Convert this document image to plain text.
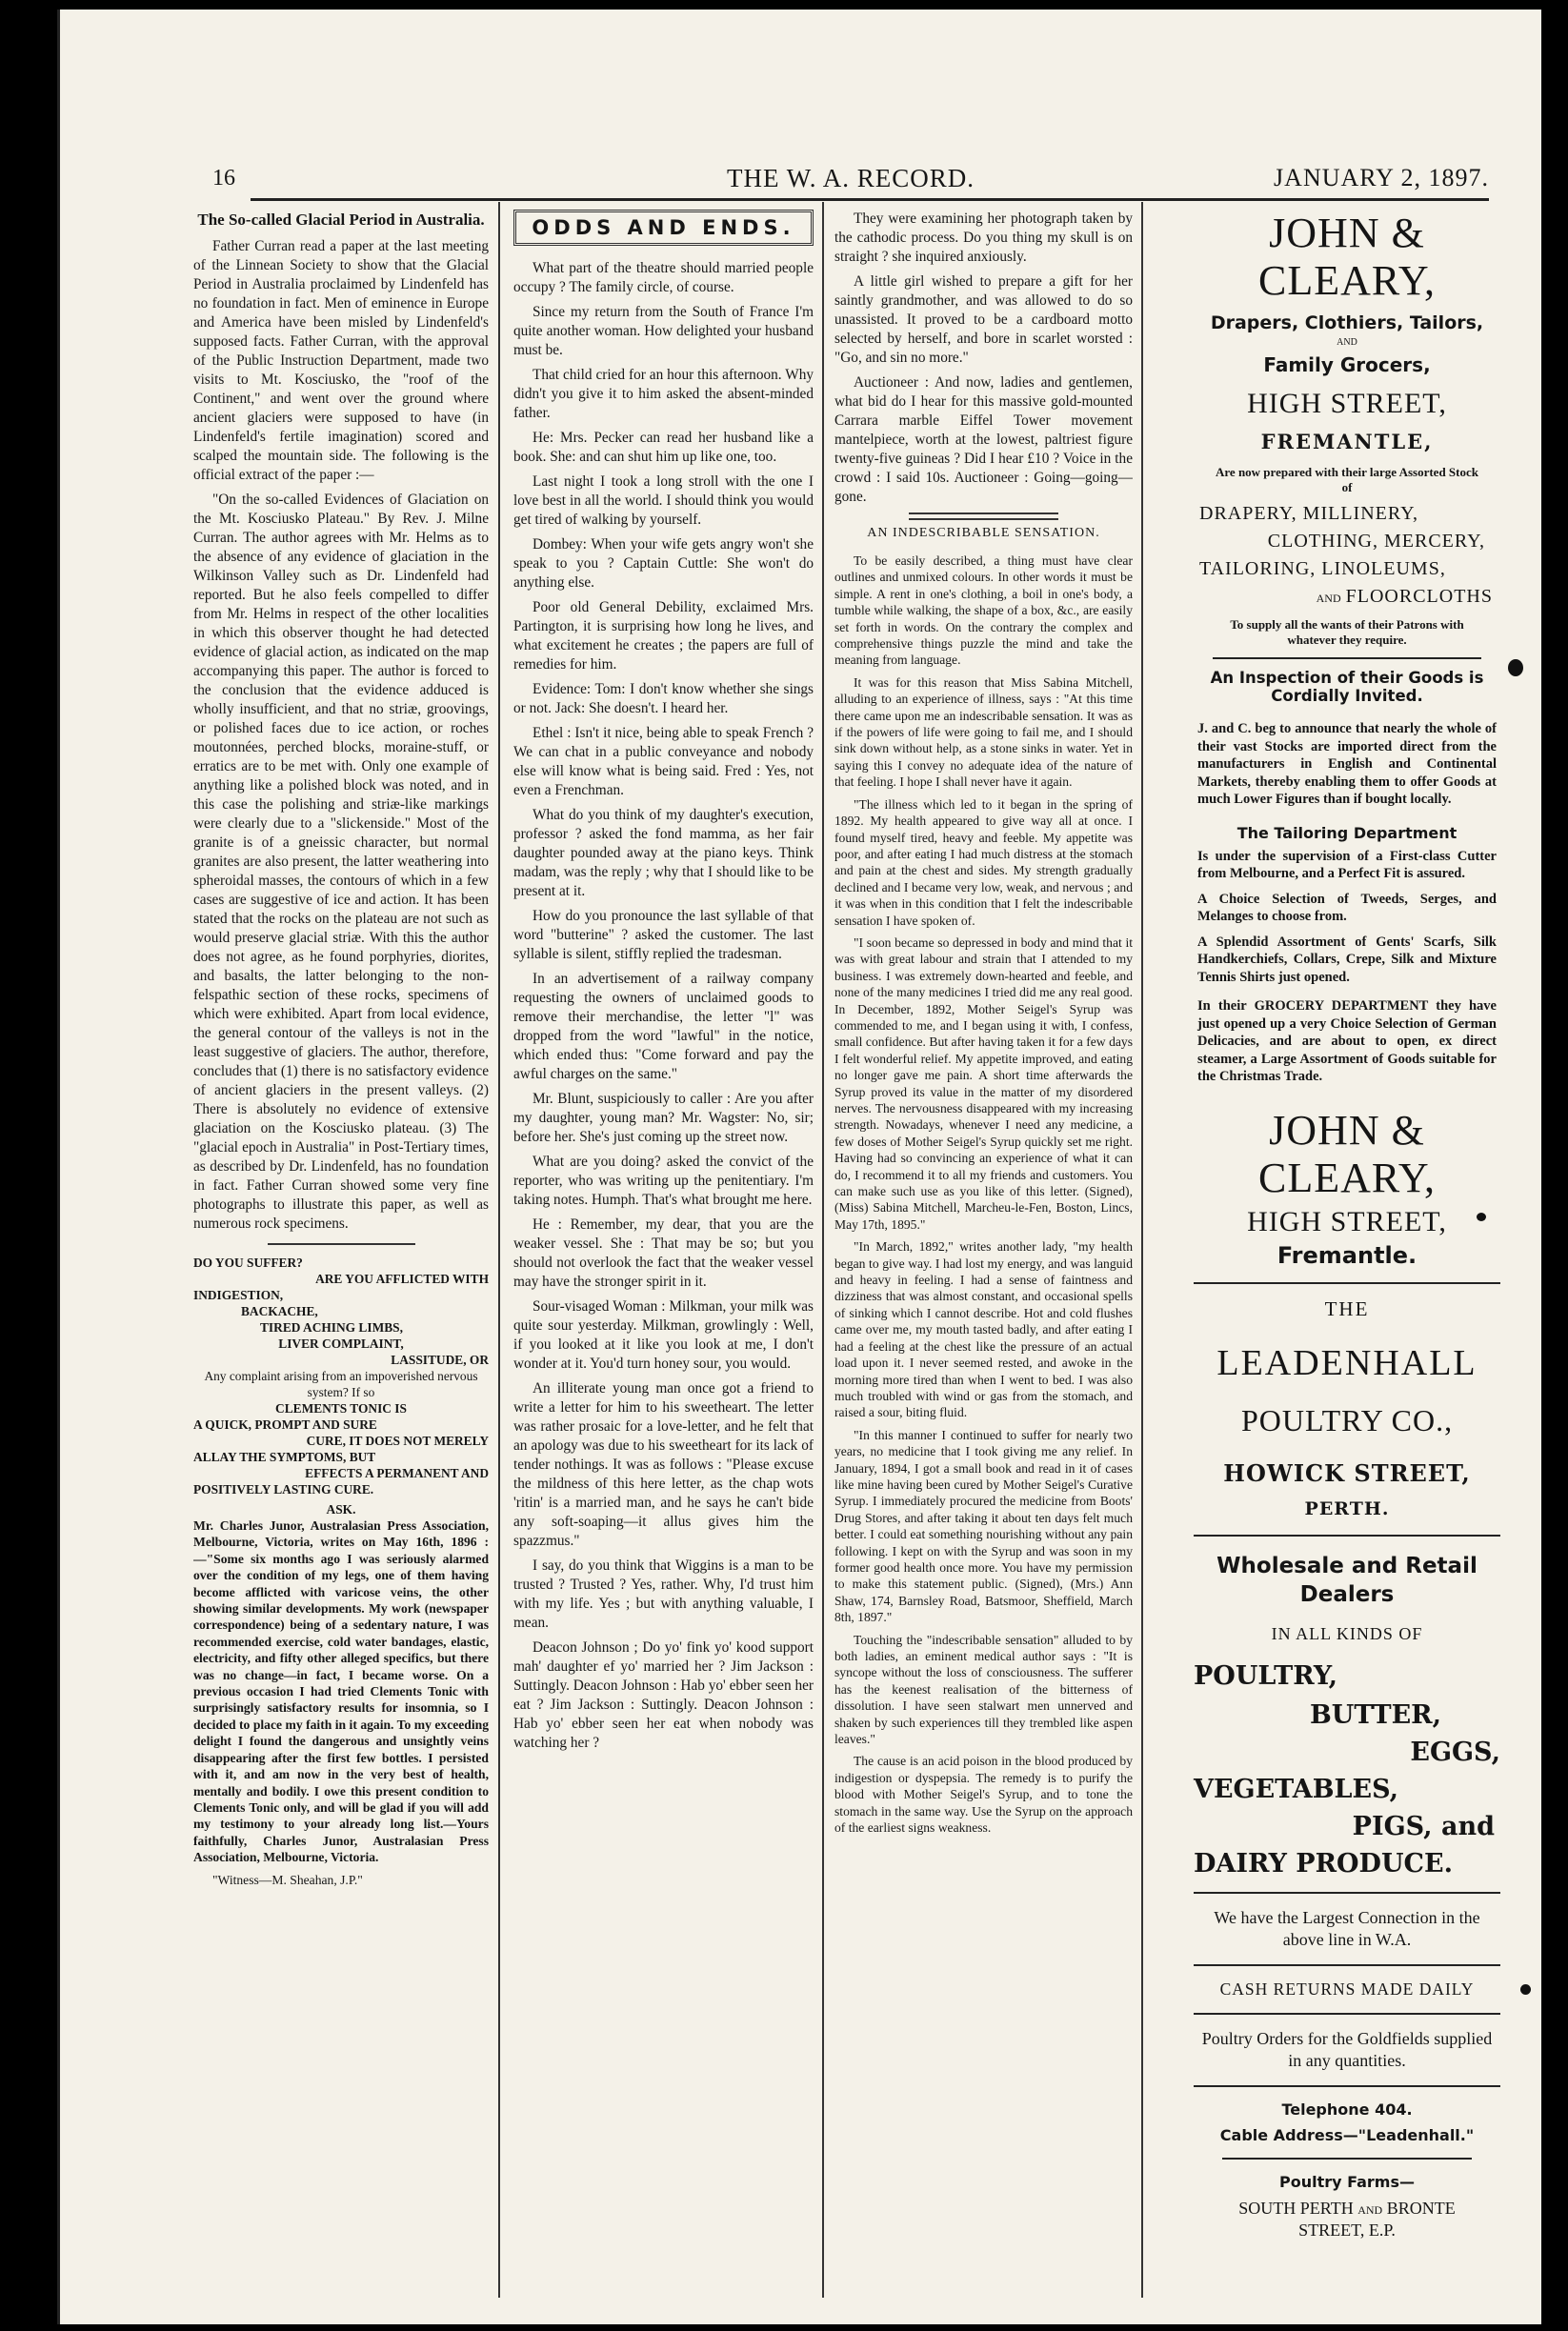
16	THE W. A. RECORD.	JANUARY 2, 1897.
The So-called Glacial Period in Australia.

Father Curran read a paper at the last meeting of the Linnean Society to show that the Glacial Period in Australia proclaimed by Lindenfeld has no foundation in fact. Men of eminence in Europe and America have been misled by Lindenfeld's supposed facts. Father Curran, with the approval of the Public Instruction Department, made two visits to Mt. Kosciusko, the "roof of the Continent," and went over the ground where ancient glaciers were supposed to have (in Lindenfeld's fertile imagination) scored and scalped the mountain side. The following is the official extract of the paper :—

"On the so-called Evidences of Glaciation on the Mt. Kosciusko Plateau." By Rev. J. Milne Curran. The author agrees with Mr. Helms as to the absence of any evidence of glaciation in the Wilkinson Valley such as Dr. Lindenfeld had reported. But he also feels compelled to differ from Mr. Helms in respect of the other localities in which this observer thought he had detected evidence of glacial action, as indicated on the map accompanying this paper. The author is forced to the conclusion that the evidence adduced is wholly insufficient, and that no striæ, groovings, or polished faces due to ice action, or roches moutonnées, perched blocks, moraine-stuff, or erratics are to be met with. Only one example of anything like a polished block was noted, and in this case the polishing and striæ-like markings were clearly due to a "slickenside." Most of the granite is of a gneissic character, but normal granites are also present, the latter weathering into spheroidal masses, the contours of which in a few cases are suggestive of ice and action. It has been stated that the rocks on the plateau are not such as would preserve glacial striæ. With this the author does not agree, as he found porphyries, diorites, and basalts, the latter belonging to the non-felspathic section of these rocks, specimens of which were exhibited. Apart from local evidence, the general contour of the valleys is not in the least suggestive of glaciers. The author, therefore, concludes that (1) there is no satisfactory evidence of ancient glaciers in the present valleys. (2) There is absolutely no evidence of extensive glaciation on the Kosciusko plateau. (3) The "glacial epoch in Australia" in Post-Tertiary times, as described by Dr. Lindenfeld, has no foundation in fact. Father Curran showed some very fine photographs to illustrate this paper, as well as numerous rock specimens.

DO YOU SUFFER?
ARE YOU AFFLICTED WITH
INDIGESTION,
BACKACHE,
TIRED ACHING LIMBS,
LIVER COMPLAINT,
LASSITUDE, OR
Any complaint arising from an impoverished nervous system? If so
CLEMENTS TONIC IS
A QUICK, PROMPT AND SURE
CURE, IT DOES NOT MERELY
ALLAY THE SYMPTOMS, BUT
EFFECTS A PERMANENT AND
POSITIVELY LASTING CURE.
ASK.

Mr. Charles Junor, Australasian Press Association, Melbourne, Victoria, writes on May 16th, 1896 :—"Some six months ago I was seriously alarmed over the condition of my legs, one of them having become afflicted with varicose veins, the other showing similar developments. My work (newspaper correspondence) being of a sedentary nature, I was recommended exercise, cold water bandages, elastic, electricity, and fifty other alleged specifics, but there was no change—in fact, I became worse. On a previous occasion I had tried Clements Tonic with surprisingly satisfactory results for insomnia, so I decided to place my faith in it again. To my exceeding delight I found the dangerous and unsightly veins disappearing after the first few bottles. I persisted with it, and am now in the very best of health, mentally and bodily. I owe this present condition to Clements Tonic only, and will be glad if you will add my testimony to your already long list.—Yours faithfully, Charles Junor, Australasian Press Association, Melbourne, Victoria.

"Witness—M. Sheahan, J.P."

ODDS AND ENDS.

What part of the theatre should married people occupy ? The family circle, of course.

Since my return from the South of France I'm quite another woman. How delighted your husband must be.

That child cried for an hour this afternoon. Why didn't you give it to him asked the absent-minded father.

He: Mrs. Pecker can read her husband like a book. She: and can shut him up like one, too.

Last night I took a long stroll with the one I love best in all the world. I should think you would get tired of walking by yourself.

Dombey: When your wife gets angry won't she speak to you ? Captain Cuttle: She won't do anything else.

Poor old General Debility, exclaimed Mrs. Partington, it is surprising how long he lives, and what excitement he creates ; the papers are full of remedies for him.

Evidence: Tom: I don't know whether she sings or not. Jack: She doesn't. I heard her.

Ethel : Isn't it nice, being able to speak French ? We can chat in a public conveyance and nobody else will know what is being said. Fred : Yes, not even a Frenchman.

What do you think of my daughter's execution, professor ? asked the fond mamma, as her fair daughter pounded away at the piano keys. Think madam, was the reply ; why that I should like to be present at it.

How do you pronounce the last syllable of that word "butterine" ? asked the customer. The last syllable is silent, stiffly replied the tradesman.

In an advertisement of a railway company requesting the owners of unclaimed goods to remove their merchandise, the letter "l" was dropped from the word "lawful" in the notice, which ended thus: "Come forward and pay the awful charges on the same."

Mr. Blunt, suspiciously to caller : Are you after my daughter, young man? Mr. Wagster: No, sir; before her. She's just coming up the street now.

What are you doing? asked the convict of the reporter, who was writing up the penitentiary. I'm taking notes. Humph. That's what brought me here.

He : Remember, my dear, that you are the weaker vessel. She : That may be so; but you should not overlook the fact that the weaker vessel may have the stronger spirit in it.

Sour-visaged Woman : Milkman, your milk was quite sour yesterday. Milkman, growlingly : Well, if you looked at it like you look at me, I don't wonder at it. You'd turn honey sour, you would.

An illiterate young man once got a friend to write a letter for him to his sweetheart. The letter was rather prosaic for a love-letter, and he felt that an apology was due to his sweetheart for its lack of tender nothings. It was as follows : "Please excuse the mildness of this here letter, as the chap wots 'ritin' is a married man, and he says he can't bide any soft-soaping—it allus gives him the spazzmus."

I say, do you think that Wiggins is a man to be trusted ? Trusted ? Yes, rather. Why, I'd trust him with my life. Yes ; but with anything valuable, I mean.

Deacon Johnson ; Do yo' fink yo' kood support mah' daughter ef yo' married her ? Jim Jackson : Suttingly. Deacon Johnson : Hab yo' ebber seen her eat ? Jim Jackson : Suttingly. Deacon Johnson : Hab yo' ebber seen her eat when nobody was watching her ?

They were examining her photograph taken by the cathodic process. Do you thing my skull is on straight ? she inquired anxiously.

A little girl wished to prepare a gift for her saintly grandmother, and was allowed to do so unassisted. It proved to be a cardboard motto selected by herself, and bore in scarlet worsted : "Go, and sin no more."

Auctioneer : And now, ladies and gentlemen, what bid do I hear for this massive gold-mounted Carrara marble Eiffel Tower movement mantelpiece, worth at the lowest, paltriest figure twenty-five guineas ? Did I hear £10 ? Voice in the crowd : I said 10s. Auctioneer : Going—going—gone.

AN INDESCRIBABLE SENSATION.

To be easily described, a thing must have clear outlines and unmixed colours. In other words it must be simple. A rent in one's clothing, a boil in one's body, a tumble while walking, the shape of a box, &c., are easily set forth in words. On the contrary the complex and comprehensive things puzzle the mind and take the meaning from language.

It was for this reason that Miss Sabina Mitchell, alluding to an experience of illness, says : "At this time there came upon me an indescribable sensation. It was as if the powers of life were going to fail me, and I should sink down without help, as a stone sinks in water. Yet in saying this I convey no adequate idea of the nature of that feeling. I hope I shall never have it again.

"The illness which led to it began in the spring of 1892. My health appeared to give way all at once. I found myself tired, heavy and feeble. My appetite was poor, and after eating I had much distress at the stomach and pain at the chest and sides. My strength gradually declined and I became very low, weak, and nervous ; and it was when in this condition that I felt the indescribable sensation I have spoken of.

"I soon became so depressed in body and mind that it was with great labour and strain that I attended to my business. I was extremely down-hearted and feeble, and none of the many medicines I tried did me any real good. In December, 1892, Mother Seigel's Syrup was commended to me, and I began using it with, I confess, small confidence. But after having taken it for a few days I felt wonderful relief. My appetite improved, and eating no longer gave me pain. A short time afterwards the Syrup proved its value in the matter of my disordered nerves. The nervousness disappeared with my increasing strength. Nowadays, whenever I need any medicine, a few doses of Mother Seigel's Syrup quickly set me right. Having had so convincing an experience of what it can do, I recommend it to all my friends and customers. You can make such use as you like of this letter. (Signed), (Miss) Sabina Mitchell, Marcheu-le-Fen, Boston, Lincs, May 17th, 1895."

"In March, 1892," writes another lady, "my health began to give way. I had lost my energy, and was languid and heavy in feeling. I had a sense of faintness and dizziness that was almost constant, and occasional spells of sinking which I cannot describe. Hot and cold flushes came over me, my mouth tasted badly, and after eating I had a feeling at the chest like the pressure of an actual load upon it. I never seemed rested, and awoke in the morning more tired than when I went to bed. I was also much troubled with wind or gas from the stomach, and raised a sour, biting fluid.

"In this manner I continued to suffer for nearly two years, no medicine that I took giving me any relief. In January, 1894, I got a small book and read in it of cases like mine having been cured by Mother Seigel's Curative Syrup. I immediately procured the medicine from Boots' Drug Stores, and after taking it about ten days felt much better. I could eat something nourishing without any pain following. I kept on with the Syrup and was soon in my former good health once more. You have my permission to make this statement public. (Signed), (Mrs.) Ann Shaw, 174, Barnsley Road, Batsmoor, Sheffield, March 8th, 1897."

Touching the "indescribable sensation" alluded to by both ladies, an eminent medical author says : "It is syncope without the loss of consciousness. The sufferer has the keenest realisation of the bitterness of dissolution. I have seen stalwart men unnerved and shaken by such experiences till they trembled like aspen leaves."

The cause is an acid poison in the blood produced by indigestion or dyspepsia. The remedy is to purify the blood with Mother Seigel's Syrup, and to tone the stomach in the same way. Use the Syrup on the approach of the earliest signs weakness.

JOHN & CLEARY,
Drapers, Clothiers, Tailors,
AND
Family Grocers,
HIGH STREET,
FREMANTLE,
Are now prepared with their large Assorted Stock of
DRAPERY, MILLINERY,
CLOTHING, MERCERY,
TAILORING, LINOLEUMS,
AND FLOORCLOTHS
To supply all the wants of their Patrons with whatever they require.
An Inspection of their Goods is Cordially Invited.
J. and C. beg to announce that nearly the whole of their vast Stocks are imported direct from the manufacturers in English and Continental Markets, thereby enabling them to offer Goods at much Lower Figures than if bought locally.
The Tailoring Department
Is under the supervision of a First-class Cutter from Melbourne, and a Perfect Fit is assured.
A Choice Selection of Tweeds, Serges, and Melanges to choose from.
A Splendid Assortment of Gents' Scarfs, Silk Handkerchiefs, Collars, Crepe, Silk and Mixture Tennis Shirts just opened.
In their GROCERY DEPARTMENT they have just opened up a very Choice Selection of German Delicacies, and are about to open, ex direct steamer, a Large Assortment of Goods suitable for the Christmas Trade.
JOHN & CLEARY,
HIGH STREET,
Fremantle.
THE
LEADENHALL
POULTRY CO.,
HOWICK STREET,
PERTH.
Wholesale and Retail Dealers
IN ALL KINDS OF
POULTRY,
BUTTER,
EGGS,
VEGETABLES,
PIGS, and
DAIRY PRODUCE.
We have the Largest Connection in the above line in W.A.
CASH RETURNS MADE DAILY
Poultry Orders for the Goldfields supplied in any quantities.
Telephone 404.
Cable Address—"Leadenhall."
Poultry Farms—
SOUTH PERTH AND BRONTE
STREET, E.P.
